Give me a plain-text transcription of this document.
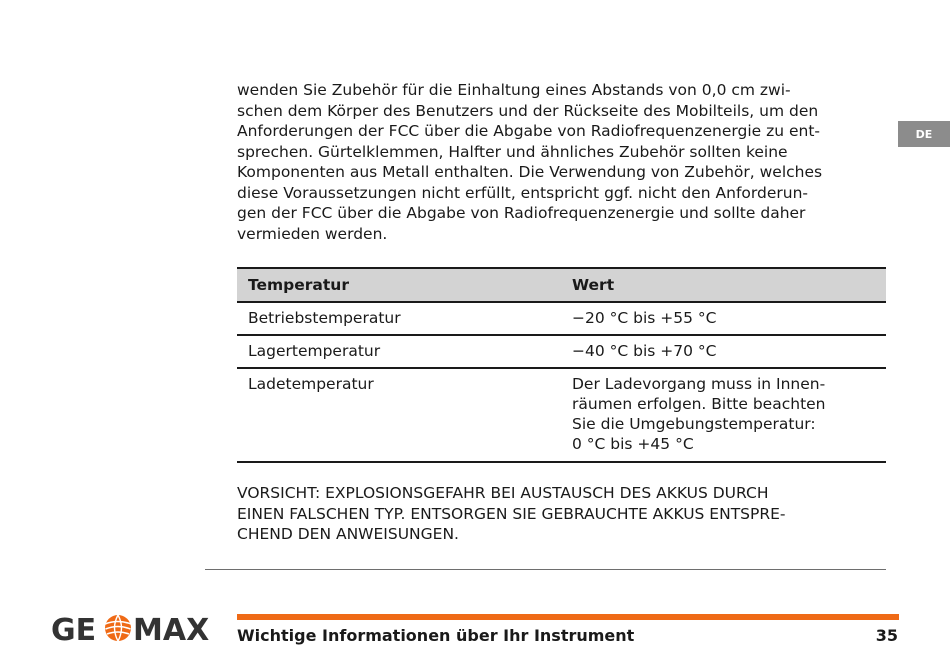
DE

wenden Sie Zubehör für die Einhaltung eines Abstands von 0,0 cm zwi-
schen dem Körper des Benutzers und der Rückseite des Mobilteils, um den
Anforderungen der FCC über die Abgabe von Radiofrequenzenergie zu ent-
sprechen. Gürtelklemmen, Halfter und ähnliches Zubehör sollten keine
Komponenten aus Metall enthalten. Die Verwendung von Zubehör, welches
diese Voraussetzungen nicht erfüllt, entspricht ggf. nicht den Anforderun-
gen der FCC über die Abgabe von Radiofrequenzenergie und sollte daher
vermieden werden.

Temperatur	Wert
Betriebstemperatur	−20 °C bis +55 °C
Lagertemperatur	−40 °C bis +70 °C
Ladetemperatur	Der Ladevorgang muss in Innen-
räumen erfolgen. Bitte beachten
Sie die Umgebungstemperatur:
0 °C bis +45 °C

VORSICHT: EXPLOSIONSGEFAHR BEI AUSTAUSCH DES AKKUS DURCH
EINEN FALSCHEN TYP. ENTSORGEN SIE GEBRAUCHTE AKKUS ENTSPRE-
CHEND DEN ANWEISUNGEN.

GE MAX Wichtige Informationen über Ihr Instrument	35
